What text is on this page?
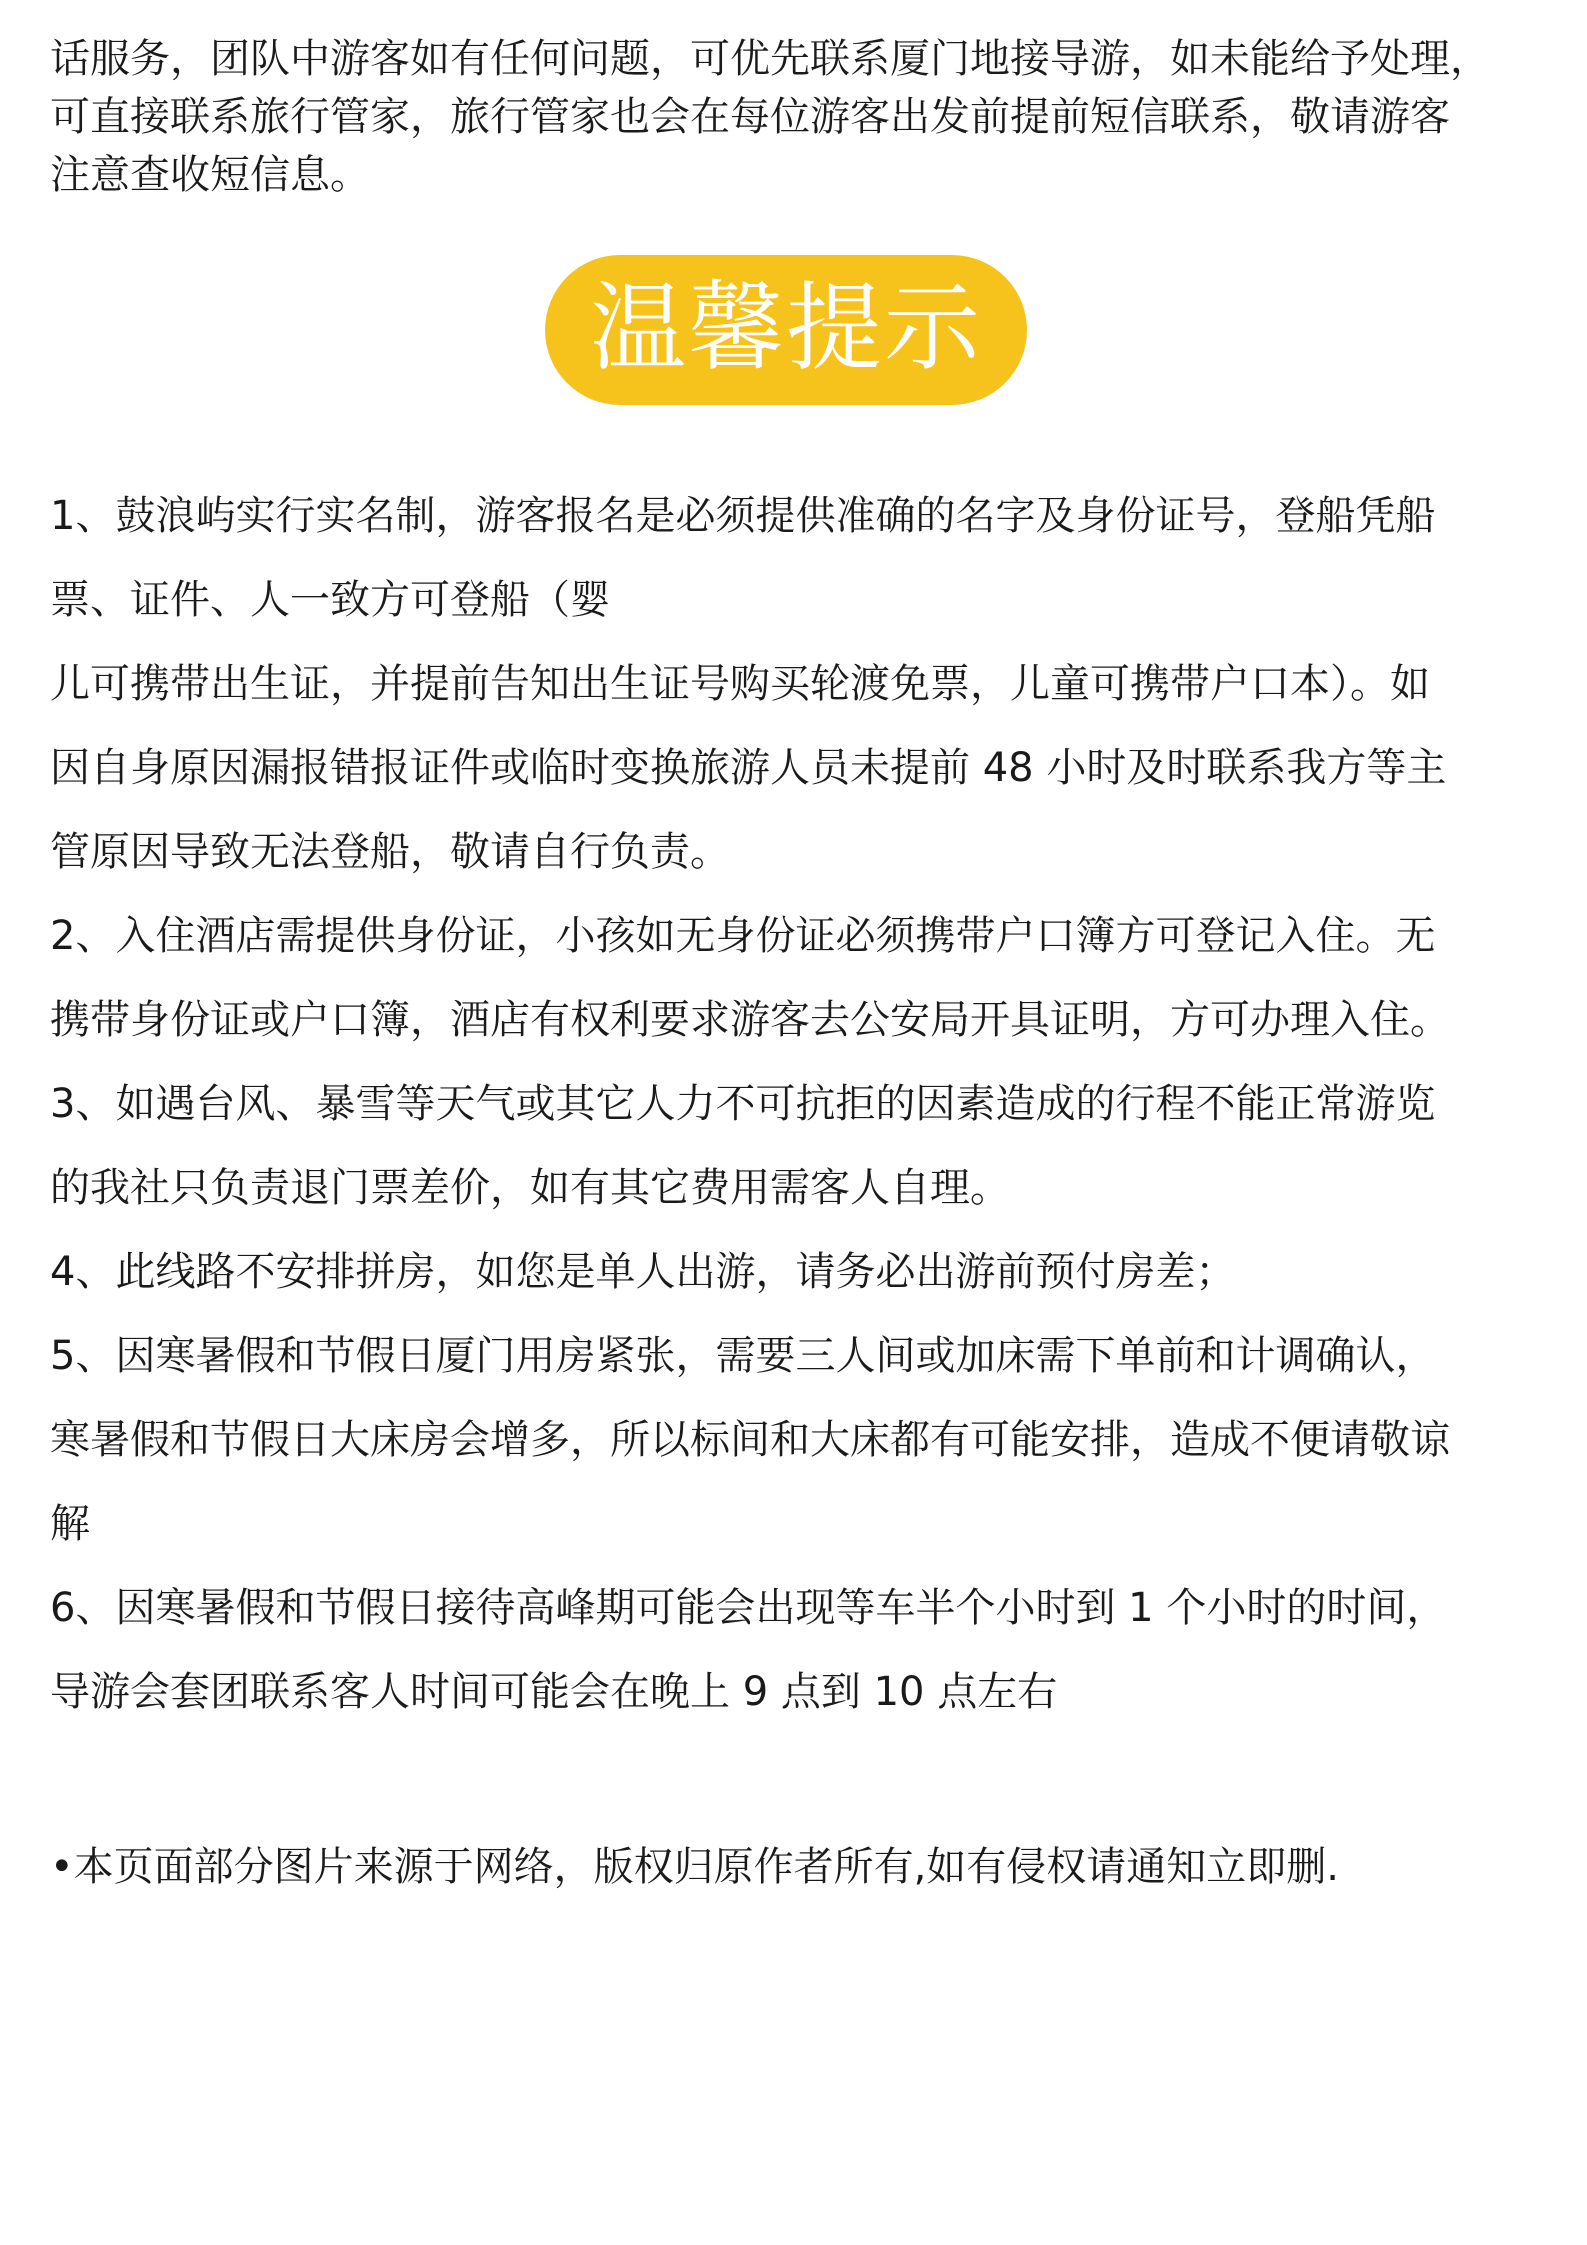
话服务，团队中游客如有任何问题，可优先联系厦门地接导游，如未能给予处理，
可直接联系旅行管家，旅行管家也会在每位游客出发前提前短信联系，敬请游客
注意查收短信息。

温馨提示

1、鼓浪屿实行实名制，游客报名是必须提供准确的名字及身份证号，登船凭船
票、证件、人一致方可登船（婴
儿可携带出生证，并提前告知出生证号购买轮渡免票，儿童可携带户口本）。如
因自身原因漏报错报证件或临时变换旅游人员未提前 48 小时及时联系我方等主
管原因导致无法登船，敬请自行负责。

2、入住酒店需提供身份证，小孩如无身份证必须携带户口簿方可登记入住。无
携带身份证或户口簿，酒店有权利要求游客去公安局开具证明，方可办理入住。

3、如遇台风、暴雪等天气或其它人力不可抗拒的因素造成的行程不能正常游览
的我社只负责退门票差价，如有其它费用需客人自理。

4、此线路不安排拼房，如您是单人出游，请务必出游前预付房差；

5、因寒暑假和节假日厦门用房紧张，需要三人间或加床需下单前和计调确认，
寒暑假和节假日大床房会增多，所以标间和大床都有可能安排，造成不便请敬谅
解

6、因寒暑假和节假日接待高峰期可能会出现等车半个小时到 1 个小时的时间，
导游会套团联系客人时间可能会在晚上 9 点到 10 点左右

•本页面部分图片来源于网络，版权归原作者所有,如有侵权请通知立即删.
